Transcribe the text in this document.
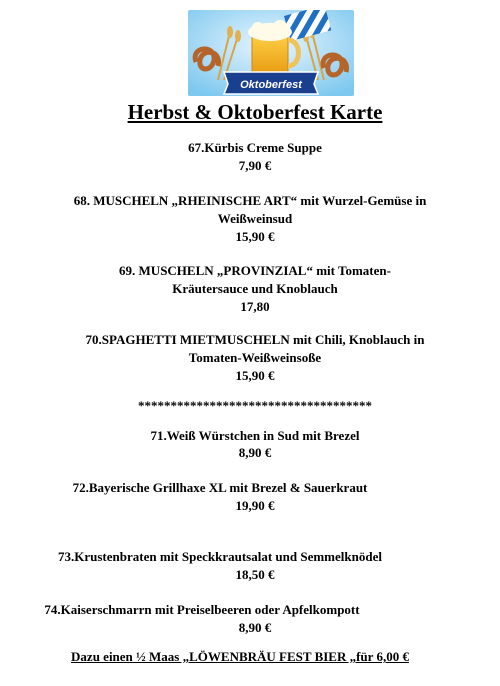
Oktoberfest
Herbst & Oktoberfest Karte
67.Kürbis Creme Suppe
7,90 €
68. MUSCHELN „RHEINISCHE ART“ mit Wurzel-Gemüse in
Weißweinsud
15,90 €
69. MUSCHELN „PROVINZIAL“ mit Tomaten-
Kräutersauce und Knoblauch
17,80
70.SPAGHETTI MIETMUSCHELN mit Chili, Knoblauch in
Tomaten-Weißweinsoße
15,90 €
************************************
71.Weiß Würstchen in Sud mit Brezel
8,90 €
72.Bayerische Grillhaxe XL mit Brezel & Sauerkraut
19,90 €
73.Krustenbraten mit Speckkrautsalat und Semmelknödel
18,50 €
74.Kaiserschmarrn mit Preiselbeeren oder Apfelkompott
8,90 €
Dazu einen ½ Maas „LÖWENBRÄU FEST BIER „für 6,00 €
